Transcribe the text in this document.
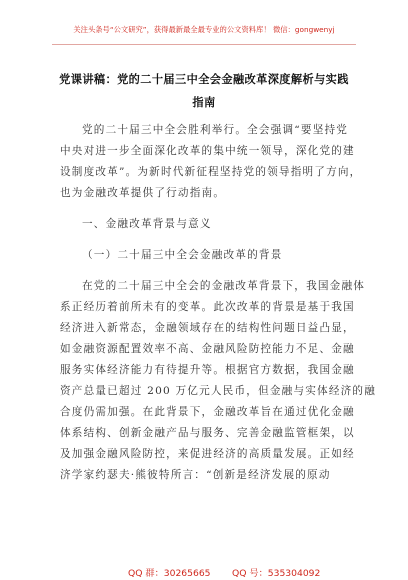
关注头条号“公文研究”，获得最新最全最专业的公文资料库！ 微信：gongwenyj
党课讲稿：党的二十届三中全会金融改革深度解析与实践
指南
党的二十届三中全会胜利举行。全会强调“要坚持党
中央对进一步全面深化改革的集中统一领导，深化党的建
设制度改革”。为新时代新征程坚持党的领导指明了方向，
也为金融改革提供了行动指南。
一、金融改革背景与意义
（一）二十届三中全会金融改革的背景
在党的二十届三中全会的金融改革背景下，我国金融体
系正经历着前所未有的变革。此次改革的背景是基于我国
经济进入新常态，金融领域存在的结构性问题日益凸显，
如金融资源配置效率不高、金融风险防控能力不足、金融
服务实体经济能力有待提升等。根据官方数据，我国金融
资产总量已超过 200 万亿元人民币，但金融与实体经济的融
合度仍需加强。在此背景下，金融改革旨在通过优化金融
体系结构、创新金融产品与服务、完善金融监管框架，以
及加强金融风险防控，来促进经济的高质量发展。正如经
济学家约瑟夫·熊彼特所言：“创新是经济发展的原动
QQ 群：30265665 QQ 号：535304092
